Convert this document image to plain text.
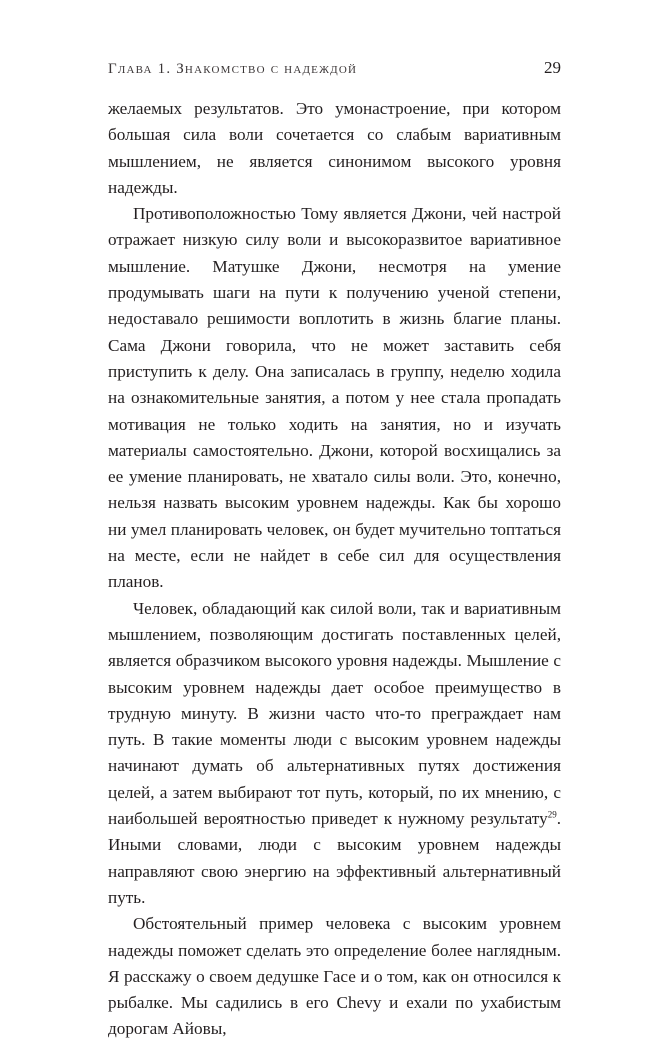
Глава 1. Знакомство с надеждой	29

желаемых результатов. Это умонастроение, при котором большая сила воли сочетается со слабым вариативным мышлением, не является синонимом высокого уровня надежды.

Противоположностью Тому является Джони, чей настрой отражает низкую силу воли и высокоразвитое вариативное мышление. Матушке Джони, несмотря на умение продумывать шаги на пути к получению ученой степени, недоставало решимости воплотить в жизнь благие планы. Сама Джони говорила, что не может заставить себя приступить к делу. Она записалась в группу, неделю ходила на ознакомительные занятия, а потом у нее стала пропадать мотивация не только ходить на занятия, но и изучать материалы самостоятельно. Джони, которой восхищались за ее умение планировать, не хватало силы воли. Это, конечно, нельзя назвать высоким уровнем надежды. Как бы хорошо ни умел планировать человек, он будет мучительно топтаться на месте, если не найдет в себе сил для осуществления планов.

Человек, обладающий как силой воли, так и вариативным мышлением, позволяющим достигать поставленных целей, является образчиком высокого уровня надежды. Мышление с высоким уровнем надежды дает особое преимущество в трудную минуту. В жизни часто что-то преграждает нам путь. В такие моменты люди с высоким уровнем надежды начинают думать об альтернативных путях достижения целей, а затем выбирают тот путь, который, по их мнению, с наибольшей вероятностью приведет к нужному результату$^{29}$. Иными словами, люди с высоким уровнем надежды направляют свою энергию на эффективный альтернативный путь.

Обстоятельный пример человека с высоким уровнем надежды поможет сделать это определение более наглядным. Я расскажу о своем дедушке Гасе и о том, как он относился к рыбалке. Мы садились в его Chevy и ехали по ухабистым дорогам Айовы,
